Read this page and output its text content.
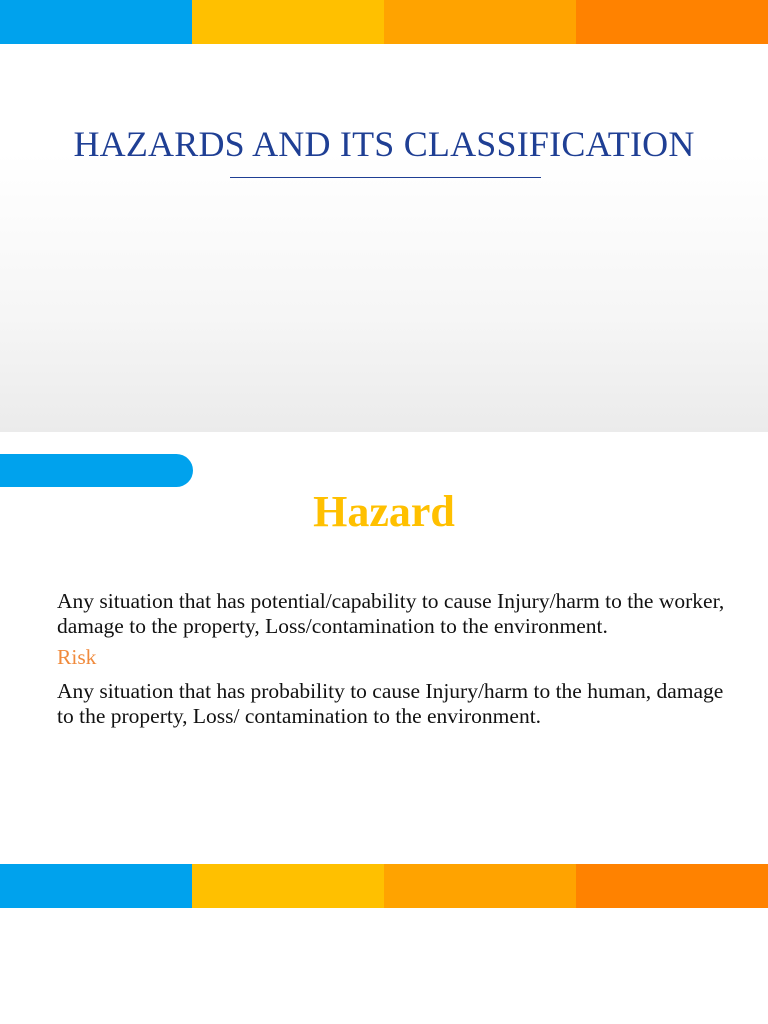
HAZARDS AND ITS CLASSIFICATION
Hazard

Any situation that has potential/capability to cause Injury/harm to the worker, damage to the property, Loss/contamination to the environment.

Risk

Any situation that has probability to cause Injury/harm to the human, damage to the property, Loss/ contamination to the environment.
